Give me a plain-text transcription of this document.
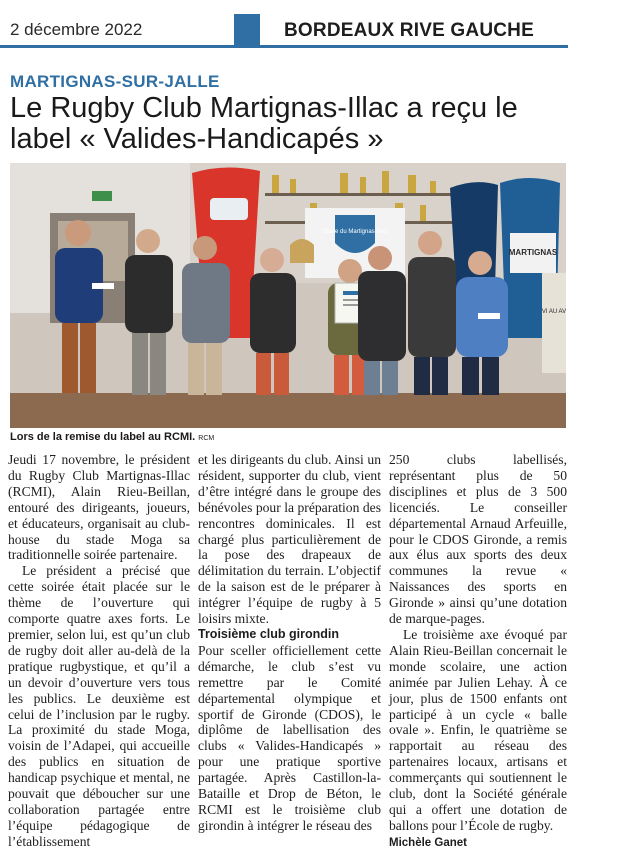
2 décembre 2022	BORDEAUX RIVE GAUCHE
MARTIGNAS-SUR-JALLE
Le Rugby Club Martignas-Illac a reçu le label « Valides-Handicapés »
Stade du Martignas-Illac
MARTIGNAS
VI AU AV
Lors de la remise du label au RCMI. RCM

Jeudi 17 novembre, le président du Rugby Club Martignas-Illac (RCMI), Alain Rieu-Beillan, entouré des dirigeants, joueurs, et éducateurs, organisait au club-house du stade Moga sa traditionnelle soirée partenaire.

Le président a précisé que cette soirée était placée sur le thème de l’ouverture qui comporte quatre axes forts. Le premier, selon lui, est qu’un club de rugby doit aller au-delà de la pratique rugbystique, et qu’il a un devoir d’ouverture vers tous les publics. Le deuxième est celui de l’inclusion par le rugby. La proximité du stade Moga, voisin de l’Adapei, qui accueille des publics en situation de handicap psychique et mental, ne pouvait que déboucher sur une collaboration partagée entre l’équipe pédagogique de l’établissement

et les dirigeants du club. Ainsi un résident, supporter du club, vient d’être intégré dans le groupe des bénévoles pour la préparation des rencontres dominicales. Il est chargé plus particulièrement de la pose des drapeaux de délimitation du terrain. L’objectif de la saison est de le préparer à intégrer l’équipe de rugby à 5 loisirs mixte.

Troisième club girondin

Pour sceller officiellement cette démarche, le club s’est vu remettre par le Comité départemental olympique et sportif de Gironde (CDOS), le diplôme de labellisation des clubs « Valides-Handicapés » pour une pratique sportive partagée. Après Castillon-la-Bataille et Drop de Béton, le RCMI est le troisième club girondin à intégrer le réseau des

250 clubs labellisés, représentant plus de 50 disciplines et plus de 3 500 licenciés. Le conseiller départemental Arnaud Arfeuille, pour le CDOS Gironde, a remis aux élus aux sports des deux communes la revue « Naissances des sports en Gironde » ainsi qu’une dotation de marque-pages.

Le troisième axe évoqué par Alain Rieu-Beillan concernait le monde scolaire, une action animée par Julien Lehay. À ce jour, plus de 1500 enfants ont participé à un cycle « balle ovale ». Enfin, le quatrième se rapportait au réseau des partenaires locaux, artisans et commerçants qui soutiennent le club, dont la Société générale qui a offert une dotation de ballons pour l’École de rugby.

Michèle Ganet
